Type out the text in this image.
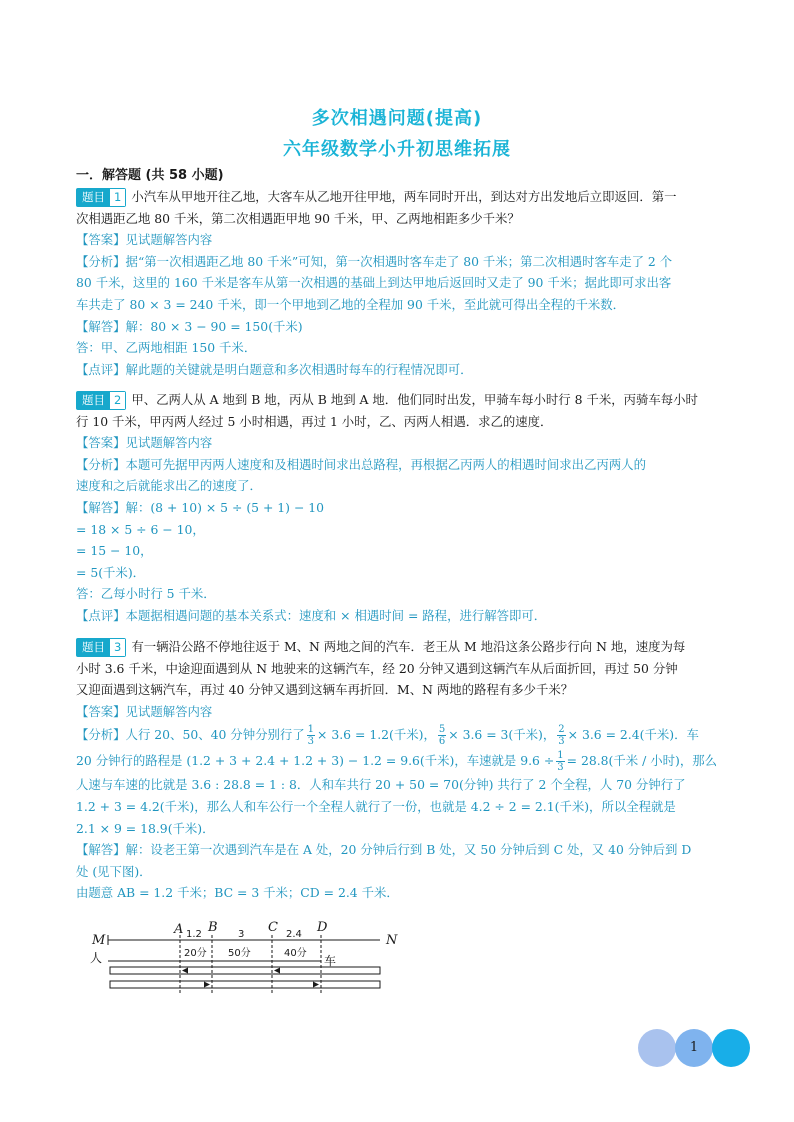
多次相遇问题(提高)
六年级数学小升初思维拓展
一．解答题 (共 58 小题)
题目 1 小汽车从甲地开往乙地，大客车从乙地开往甲地，两车同时开出，到达对方出发地后立即返回．第一
次相遇距乙地 80 千米，第二次相遇距甲地 90 千米，甲、乙两地相距多少千米？
【答案】见试题解答内容
【分析】据“第一次相遇距乙地 80 千米”可知，第一次相遇时客车走了 80 千米；第二次相遇时客车走了 2 个
80 千米，这里的 160 千米是客车从第一次相遇的基础上到达甲地后返回时又走了 90 千米；据此即可求出客
车共走了 80 × 3 = 240 千米，即一个甲地到乙地的全程加 90 千米，至此就可得出全程的千米数．
【解答】解：80 × 3 − 90 = 150(千米)
答：甲、乙两地相距 150 千米．
【点评】解此题的关键就是明白题意和多次相遇时每车的行程情况即可．
题目 2 甲、乙两人从 A 地到 B 地，丙从 B 地到 A 地．他们同时出发，甲骑车每小时行 8 千米，丙骑车每小时
行 10 千米，甲丙两人经过 5 小时相遇，再过 1 小时，乙、丙两人相遇．求乙的速度．
【答案】见试题解答内容
【分析】本题可先据甲丙两人速度和及相遇时间求出总路程，再根据乙丙两人的相遇时间求出乙丙两人的
速度和之后就能求出乙的速度了．
【解答】解：(8 + 10) × 5 ÷ (5 + 1) − 10
= 18 × 5 ÷ 6 − 10，
= 15 − 10，
= 5(千米)．
答：乙每小时行 5 千米．
【点评】本题据相遇问题的基本关系式：速度和 × 相遇时间 = 路程，进行解答即可．
题目 3 有一辆沿公路不停地往返于 M、N 两地之间的汽车．老王从 M 地沿这条公路步行向 N 地，速度为每
小时 3.6 千米，中途迎面遇到从 N 地驶来的这辆汽车，经 20 分钟又遇到这辆汽车从后面折回，再过 50 分钟
又迎面遇到这辆汽车，再过 40 分钟又遇到这辆车再折回．M、N 两地的路程有多少千米？
【答案】见试题解答内容
【分析】人行 20、50、40 分钟分别行了 $\frac{1}{3} \times 3.6 = 1.2$(千米)， $\frac{5}{6} \times 3.6 = 3$(千米)， $\frac{2}{3} \times 3.6 = 2.4$(千米)．车
20 分钟行的路程是 (1.2 + 3 + 2.4 + 1.2 + 3) − 1.2 = 9.6(千米)，车速就是 $9.6 \div \frac{1}{3} = 28.8$(千米 / 小时)，那么
人速与车速的比就是 3.6 : 28.8 = 1 : 8．人和车共行 20 + 50 = 70(分钟) 共行了 2 个全程，人 70 分钟行了
1.2 + 3 = 4.2(千米)，那么人和车公行一个全程人就行了一份，也就是 4.2 ÷ 2 = 2.1(千米)，所以全程就是
2.1 × 9 = 18.9(千米)．
【解答】解：设老王第一次遇到汽车是在 A 处，20 分钟后行到 B 处，又 50 分钟后到 C 处，又 40 分钟后到 D
处 (见下图)．
由题意 AB = 1.2 千米；BC = 3 千米；CD = 2.4 千米．
M	N
A B	C	D
1.2	3	2.4
20分 50分	40分
人	车
1
